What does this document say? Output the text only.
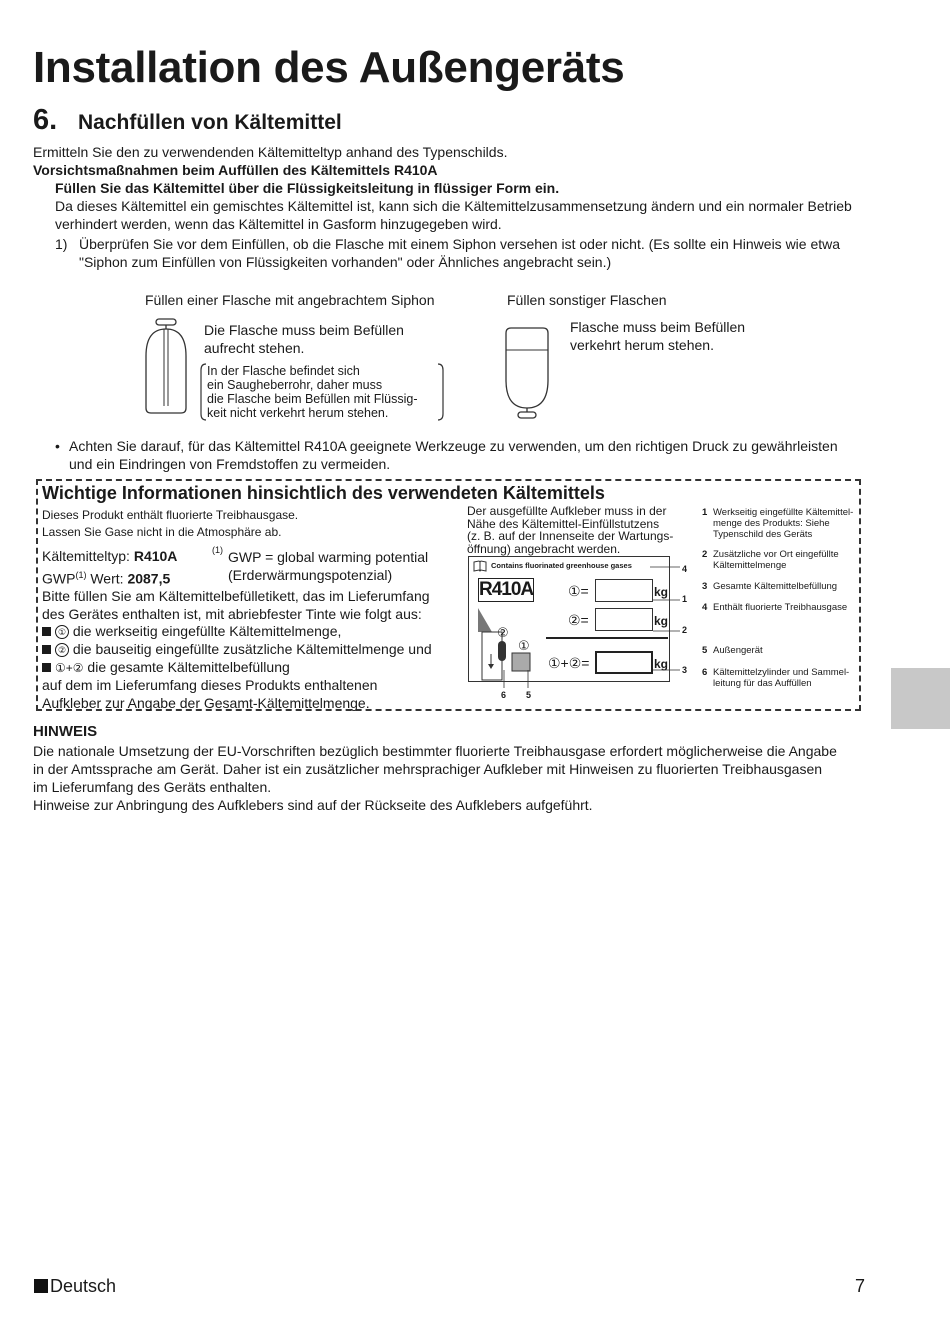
Installation des Außengeräts
6. Nachfüllen von Kältemittel
Ermitteln Sie den zu verwendenden Kältemitteltyp anhand des Typenschilds.
Vorsichtsmaßnahmen beim Auffüllen des Kältemittels R410A
Füllen Sie das Kältemittel über die Flüssigkeitsleitung in flüssiger Form ein.
Da dieses Kältemittel ein gemischtes Kältemittel ist, kann sich die Kältemittelzusammensetzung ändern und ein normaler Betrieb
verhindert werden, wenn das Kältemittel in Gasform hinzugegeben wird.
1) Überprüfen Sie vor dem Einfüllen, ob die Flasche mit einem Siphon versehen ist oder nicht. (Es sollte ein Hinweis wie etwa
"Siphon zum Einfüllen von Flüssigkeiten vorhanden" oder Ähnliches angebracht sein.)
Füllen einer Flasche mit angebrachtem Siphon	Füllen sonstiger Flaschen
Die Flasche muss beim Befüllen
aufrecht stehen.
In der Flasche befindet sich
ein Saugheberrohr, daher muss
die Flasche beim Befüllen mit Flüssig-
keit nicht verkehrt herum stehen.
Flasche muss beim Befüllen
verkehrt herum stehen.
• Achten Sie darauf, für das Kältemittel R410A geeignete Werkzeuge zu verwenden, um den richtigen Druck zu gewährleisten
und ein Eindringen von Fremdstoffen zu vermeiden.
Wichtige Informationen hinsichtlich des verwendeten Kältemittels
Dieses Produkt enthält fluorierte Treibhausgase.
Lassen Sie Gase nicht in die Atmosphäre ab.
Kältemitteltyp: R410A
GWP$^{(1)}$ Wert: 2087,5
(1) GWP = global warming potential
(Erderwärmungspotenzial)
Bitte füllen Sie am Kältemittelbefülletikett, das im Lieferumfang
des Gerätes enthalten ist, mit abriebfester Tinte wie folgt aus:
① die werkseitig eingefüllte Kältemittelmenge,
② die bauseitig eingefüllte zusätzliche Kältemittelmenge und
①+② die gesamte Kältemittelbefüllung
auf dem im Lieferumfang dieses Produkts enthaltenen
Aufkleber zur Angabe der Gesamt-Kältemittelmenge.
Der ausgefüllte Aufkleber muss in der
Nähe des Kältemittel-Einfüllstutzens
(z. B. auf der Innenseite der Wartungs-
öffnung) angebracht werden.
Contains fluorinated greenhouse gases
R410A ①=	kg
②=	kg
①+②=	kg
②
①
4
1
2
3
6 5
1 Werkseitig eingefüllte Kältemittel- menge des Produkts: Siehe Typenschild des Geräts
2 Zusätzliche vor Ort eingefüllte Kältemittelmenge
3 Gesamte Kältemittelbefüllung
4 Enthält fluorierte Treibhausgase
5 Außengerät
6 Kältemittelzylinder und Sammel- leitung für das Auffüllen
HINWEIS
Die nationale Umsetzung der EU-Vorschriften bezüglich bestimmter fluorierte Treibhausgase erfordert möglicherweise die Angabe
in der Amtssprache am Gerät. Daher ist ein zusätzlicher mehrsprachiger Aufkleber mit Hinweisen zu fluorierten Treibhausgasen
im Lieferumfang des Geräts enthalten.
Hinweise zur Anbringung des Aufklebers sind auf der Rückseite des Aufklebers aufgeführt.
Deutsch	7
